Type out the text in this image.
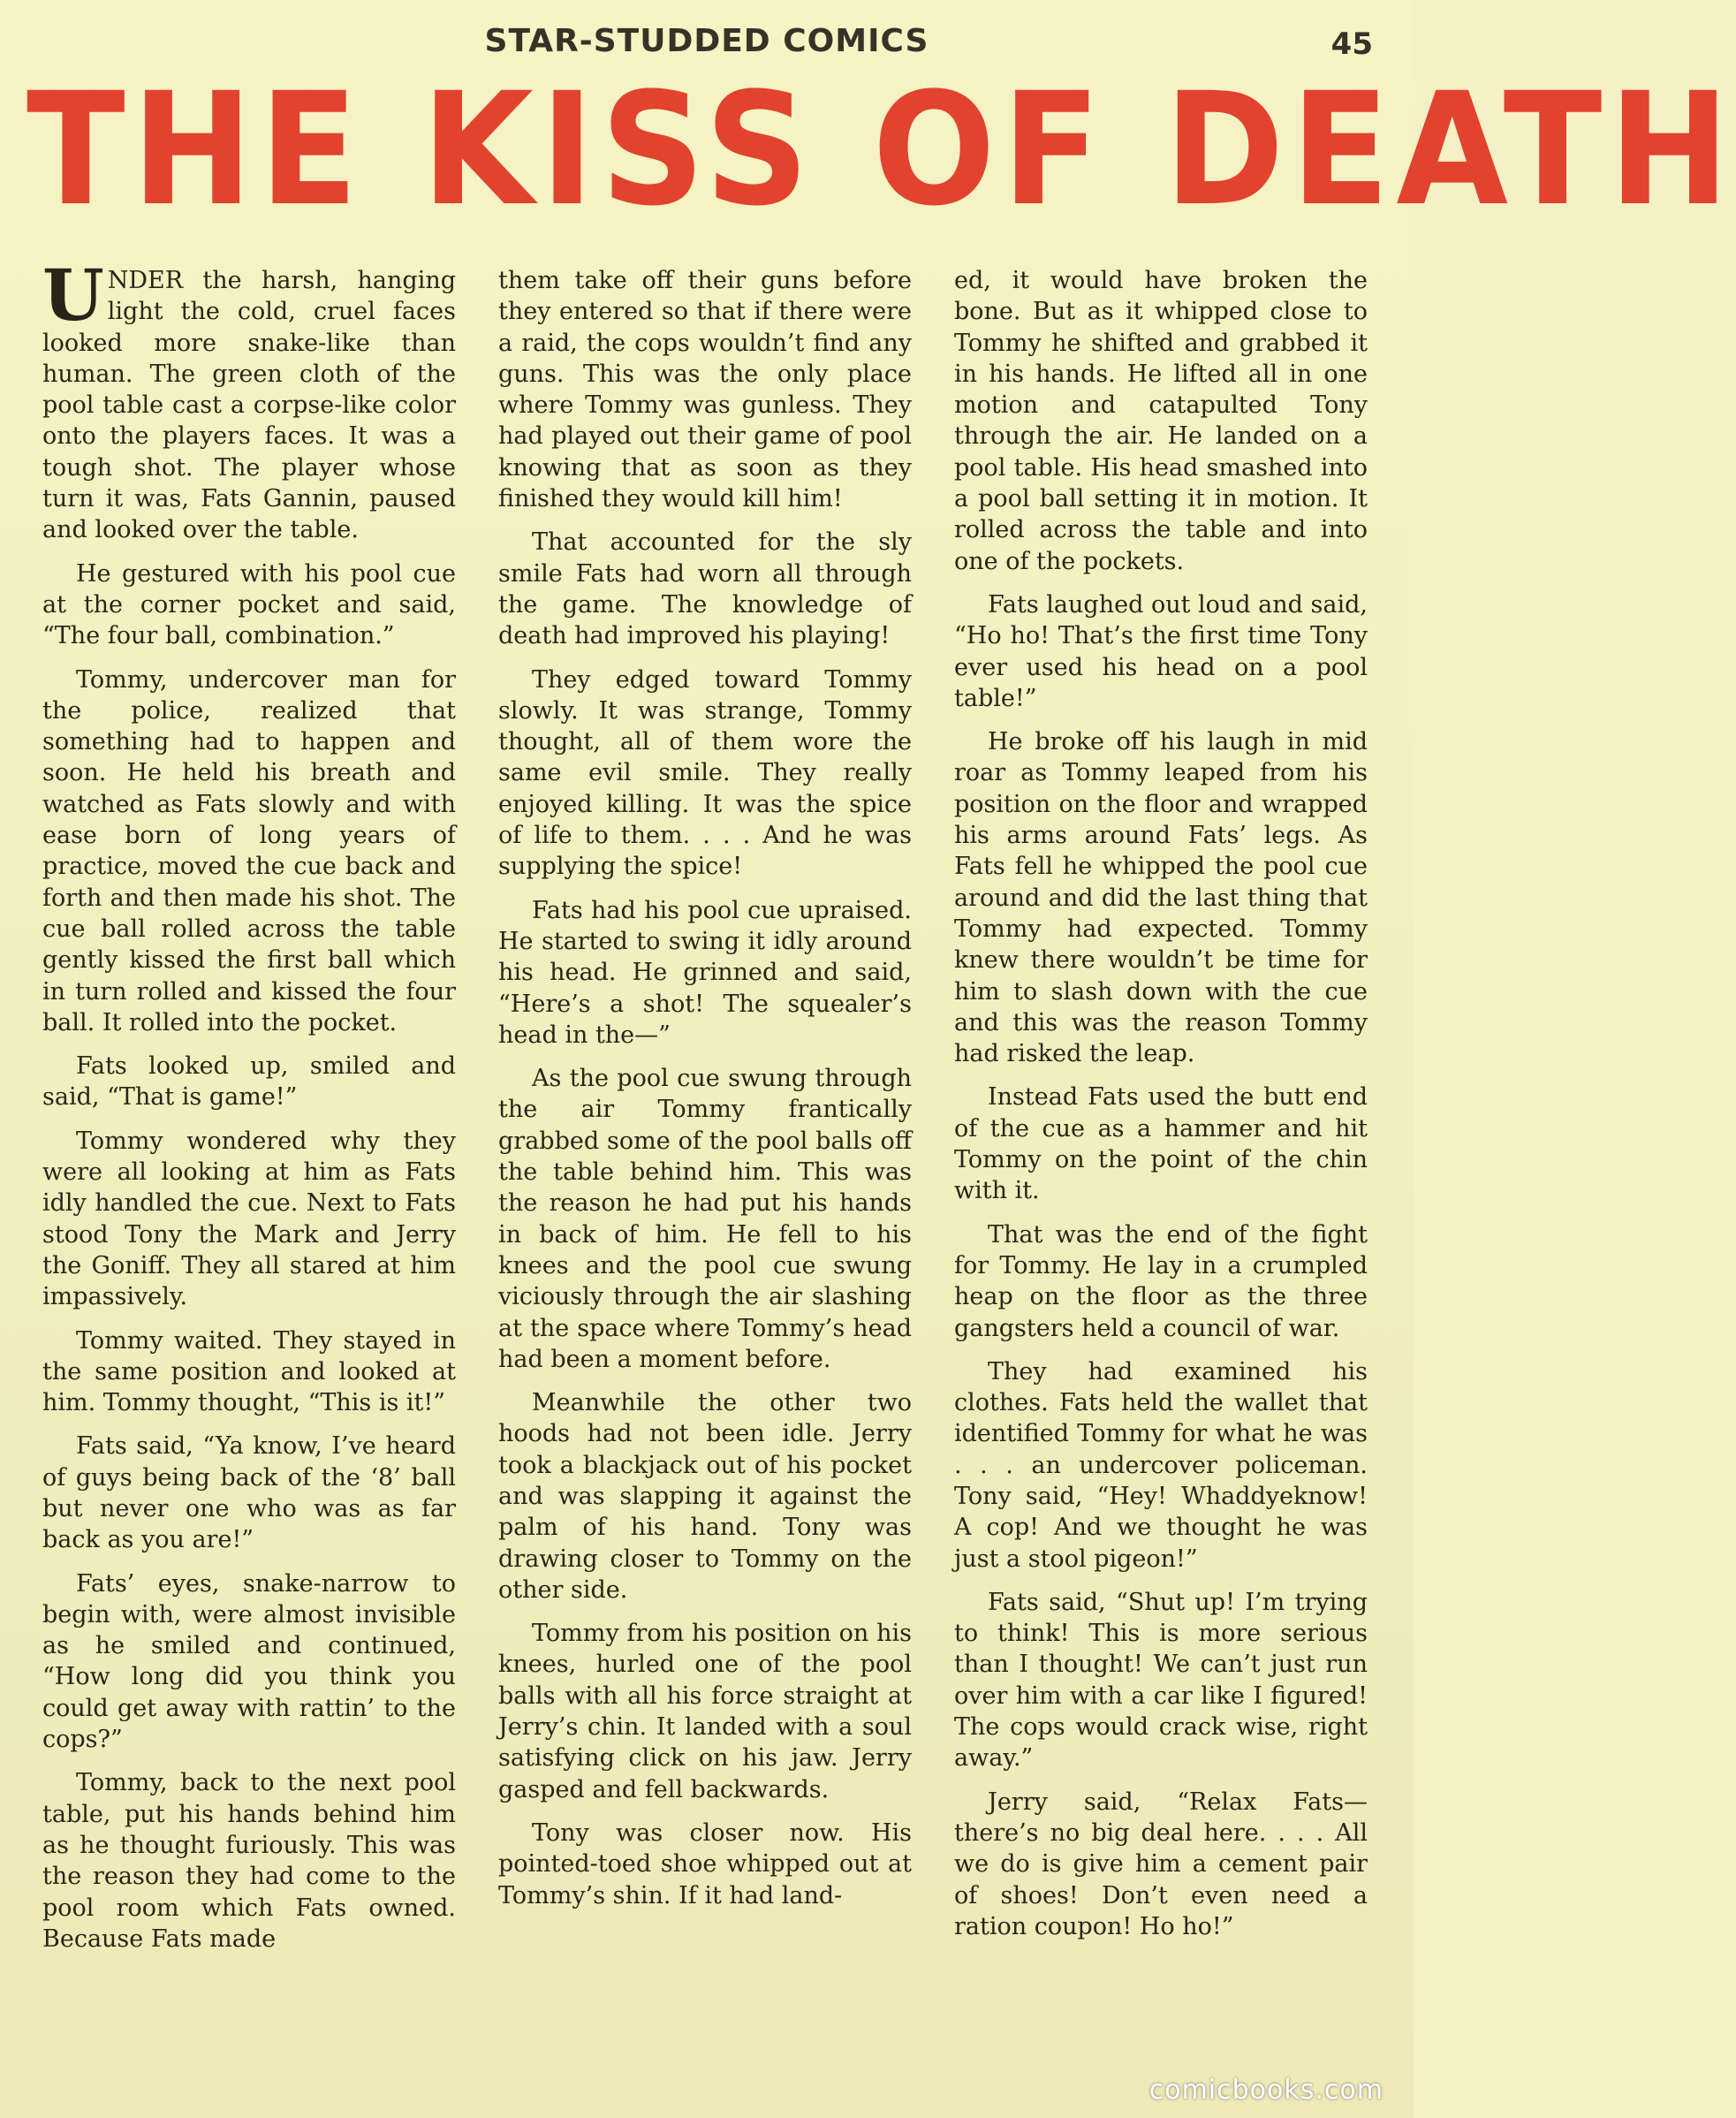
STAR-STUDDED COMICS	45
THE KISS OF DEATH

UNDER the harsh, hanging light the cold, cruel faces looked more snake-like than human. The green cloth of the pool table cast a corpse-like color onto the players faces. It was a tough shot. The player whose turn it was, Fats Gannin, paused and looked over the table.

He gestured with his pool cue at the corner pocket and said, “The four ball, combination.”

Tommy, undercover man for the police, realized that something had to happen and soon. He held his breath and watched as Fats slowly and with ease born of long years of practice, moved the cue back and forth and then made his shot. The cue ball rolled across the table gently kissed the first ball which in turn rolled and kissed the four ball. It rolled into the pocket.

Fats looked up, smiled and said, “That is game!”

Tommy wondered why they were all looking at him as Fats idly handled the cue. Next to Fats stood Tony the Mark and Jerry the Goniff. They all stared at him impassively.

Tommy waited. They stayed in the same position and looked at him. Tommy thought, “This is it!”

Fats said, “Ya know, I’ve heard of guys being back of the ‘8’ ball but never one who was as far back as you are!”

Fats’ eyes, snake-narrow to begin with, were almost invisible as he smiled and continued, “How long did you think you could get away with rattin’ to the cops?”

Tommy, back to the next pool table, put his hands behind him as he thought furiously. This was the reason they had come to the pool room which Fats owned. Because Fats made

them take off their guns before they entered so that if there were a raid, the cops wouldn’t find any guns. This was the only place where Tommy was gunless. They had played out their game of pool knowing that as soon as they finished they would kill him!

That accounted for the sly smile Fats had worn all through the game. The knowledge of death had improved his playing!

They edged toward Tommy slowly. It was strange, Tommy thought, all of them wore the same evil smile. They really enjoyed killing. It was the spice of life to them. . . . And he was supplying the spice!

Fats had his pool cue upraised. He started to swing it idly around his head. He grinned and said, “Here’s a shot! The squealer’s head in the—”

As the pool cue swung through the air Tommy frantically grabbed some of the pool balls off the table behind him. This was the reason he had put his hands in back of him. He fell to his knees and the pool cue swung viciously through the air slashing at the space where Tommy’s head had been a moment before.

Meanwhile the other two hoods had not been idle. Jerry took a blackjack out of his pocket and was slapping it against the palm of his hand. Tony was drawing closer to Tommy on the other side.

Tommy from his position on his knees, hurled one of the pool balls with all his force straight at Jerry’s chin. It landed with a soul satisfying click on his jaw. Jerry gasped and fell backwards.

Tony was closer now. His pointed-toed shoe whipped out at Tommy’s shin. If it had land-

ed, it would have broken the bone. But as it whipped close to Tommy he shifted and grabbed it in his hands. He lifted all in one motion and catapulted Tony through the air. He landed on a pool table. His head smashed into a pool ball setting it in motion. It rolled across the table and into one of the pockets.

Fats laughed out loud and said, “Ho ho! That’s the first time Tony ever used his head on a pool table!”

He broke off his laugh in mid roar as Tommy leaped from his position on the floor and wrapped his arms around Fats’ legs. As Fats fell he whipped the pool cue around and did the last thing that Tommy had expected. Tommy knew there wouldn’t be time for him to slash down with the cue and this was the reason Tommy had risked the leap.

Instead Fats used the butt end of the cue as a hammer and hit Tommy on the point of the chin with it.

That was the end of the fight for Tommy. He lay in a crumpled heap on the floor as the three gangsters held a council of war.

They had examined his clothes. Fats held the wallet that identified Tommy for what he was . . . an undercover policeman. Tony said, “Hey! Whaddyeknow! A cop! And we thought he was just a stool pigeon!”

Fats said, “Shut up! I’m trying to think! This is more serious than I thought! We can’t just run over him with a car like I figured! The cops would crack wise, right away.”

Jerry said, “Relax Fats— there’s no big deal here. . . . All we do is give him a cement pair of shoes! Don’t even need a ration coupon! Ho ho!”

comicbooks.com
